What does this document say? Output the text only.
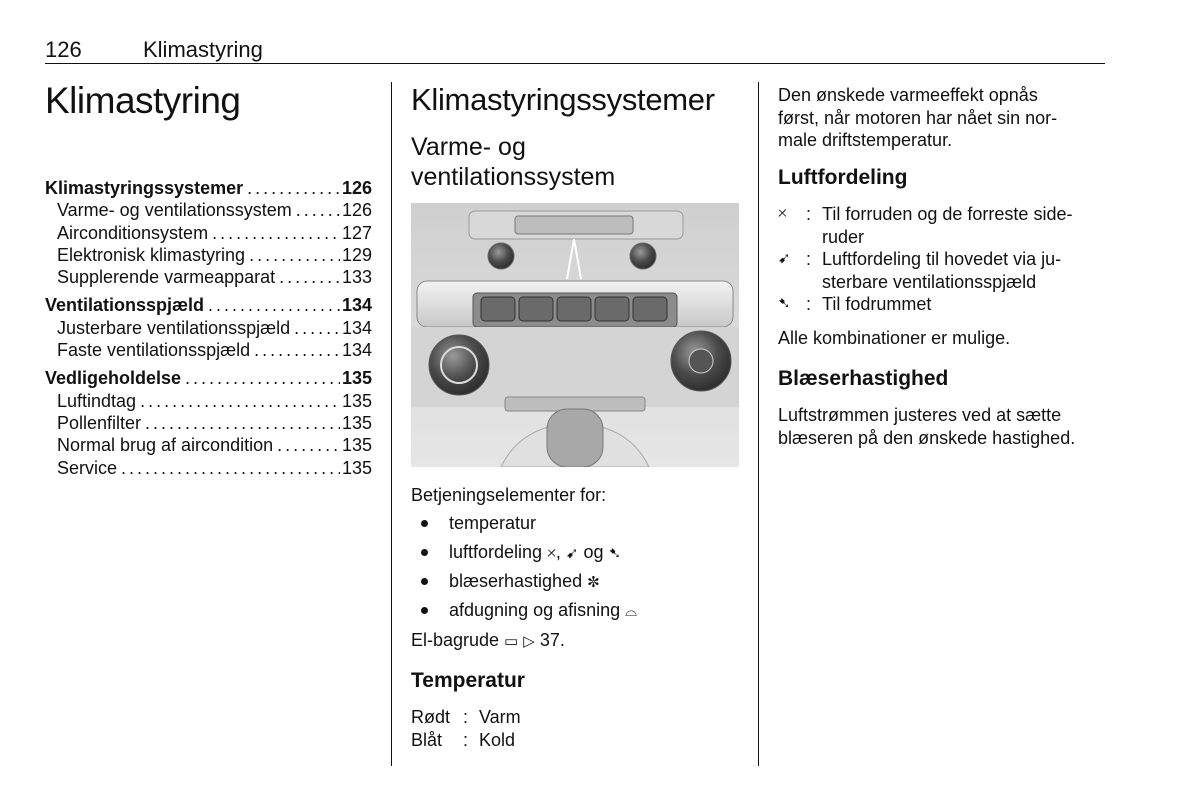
126	Klimastyring
Klimastyring
Klimastyringssystemer . . .	126
Varme- og ventilationssystem . . .	126
Airconditionsystem . . .	127
Elektronisk klimastyring . . .	129
Supplerende varmeapparat . . .	133
Ventilationsspjæld . . .	134
Justerbare ventilationsspjæld . . .	134
Faste ventilationsspjæld . . .	134
Vedligeholdelse . . .	135
Luftindtag . . .	135
Pollenfilter . . .	135
Normal brug af aircondition . . .	135
Service . . .	135
Klimastyringssystemer
Varme- og
ventilationssystem
Betjeningselementer for:
temperatur
luftfordeling 🞩, ➹ og ➷
blæserhastighed ✼
afdugning og afisning ⌓
El-bagrude ▭ ▷ 37.
Temperatur
Rødt : Varm
Blåt	: Kold
Den ønskede varmeeffekt opnås
først, når motoren har nået sin nor-
male driftstemperatur.
Luftfordeling
🞩	: Til forruden og de forreste side-
ruder
➹ : Luftfordeling til hovedet via ju-
sterbare ventilationsspjæld
➷ : Til fodrummet
Alle kombinationer er mulige.
Blæserhastighed
Luftstrømmen justeres ved at sætte
blæseren på den ønskede hastighed.
